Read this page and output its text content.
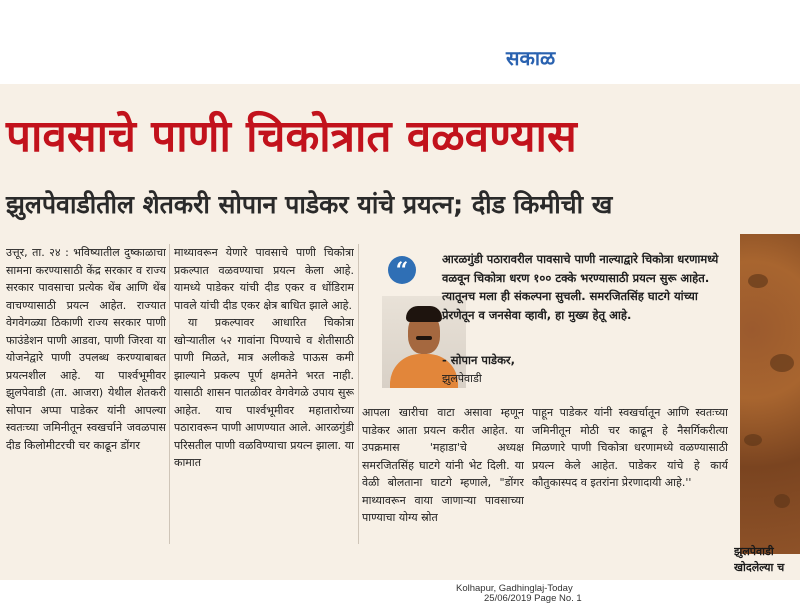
सकाळ
पावसाचे पाणी चिकोत्रात वळवण्यास
झुलपेवाडीतील शेतकरी सोपान पाडेकर यांचे प्रयत्न; दीड किमीची ख

उत्तूर, ता. २४ : भविष्यातील दुष्काळाचा सामना करण्यासाठी केंद्र सरकार व राज्य सरकार पावसाचा प्रत्येक थेंब आणि थेंब वाचण्यासाठी प्रयत्न आहेत. राज्यात वेगवेगळ्या ठिकाणी राज्य सरकार पाणी फाउंडेशन पाणी आडवा, पाणी जिरवा या योजनेद्वारे पाणी उपलब्ध करण्याबाबत प्रयत्नशील आहे. या पार्श्वभूमीवर झुलपेवाडी (ता. आजरा) येथील शेतकरी सोपान अप्पा पाडेकर यांनी आपल्या स्वतःच्या जमिनीतून स्वखर्चाने जवळपास दीड किलोमीटरची चर काढून डोंगर

माथ्यावरून येणारे पावसाचे पाणी चिकोत्रा प्रकल्पात वळवण्याचा प्रयत्न केला आहे. यामध्ये पाडेकर यांची दीड एकर व धोंडिराम पावले यांची दीड एकर क्षेत्र बाधित झाले आहे.

या प्रकल्पावर आधारित चिकोत्रा खोऱ्यातील ५२ गावांना पिण्याचे व शेतीसाठी पाणी मिळते, मात्र अलीकडे पाऊस कमी झाल्याने प्रकल्प पूर्ण क्षमतेने भरत नाही. यासाठी शासन पातळीवर वेगवेगळे उपाय सुरू आहेत. याच पार्श्वभूमीवर महातारोच्या पठारावरून पाणी आणण्यात आले. आरळगुंडी परिसतील पाणी वळविण्याचा प्रयत्न झाला. या कामात

“	आरळगुंडी पठारावरील पावसाचे पाणी नाल्याद्वारे चिकोत्रा धरणामध्ये वळवून चिकोत्रा धरण १०० टक्के भरण्यासाठी प्रयत्न सुरू आहेत. त्यातूनच मला ही संकल्पना सुचली. समरजितसिंह घाटगे यांच्या प्रेरणेतून व जनसेवा व्हावी, हा मुख्य हेतू आहे.
- सोपान पाडेकर,
झुलपेवाडी

आपला खारीचा वाटा असावा म्हणून पाडेकर आता प्रयत्न करीत आहेत. या उपक्रमास 'महाडा'चे अध्यक्ष समरजितसिंह घाटगे यांनी भेट दिली. या वेळी बोलताना घाटगे म्हणाले, "डोंगर माथ्यावरून वाया जाणाऱ्या पावसाच्या पाण्याचा योग्य स्रोत

पाहून पाडेकर यांनी स्वखर्चातून आणि स्वतःच्या जमिनीतून मोठी चर काढून हे नैसर्गिकरीत्या मिळणारे पाणी चिकोत्रा धरणामध्ये वळण्यासाठी प्रयत्न केले आहेत. पाडेकर यांचे हे कार्य कौतुकास्पद व इतरांना प्रेरणादायी आहे.''

झुलपेवाडी
खोदलेल्या च
Kolhapur, Gadhinglaj-Today
25/06/2019 Page No. 1
